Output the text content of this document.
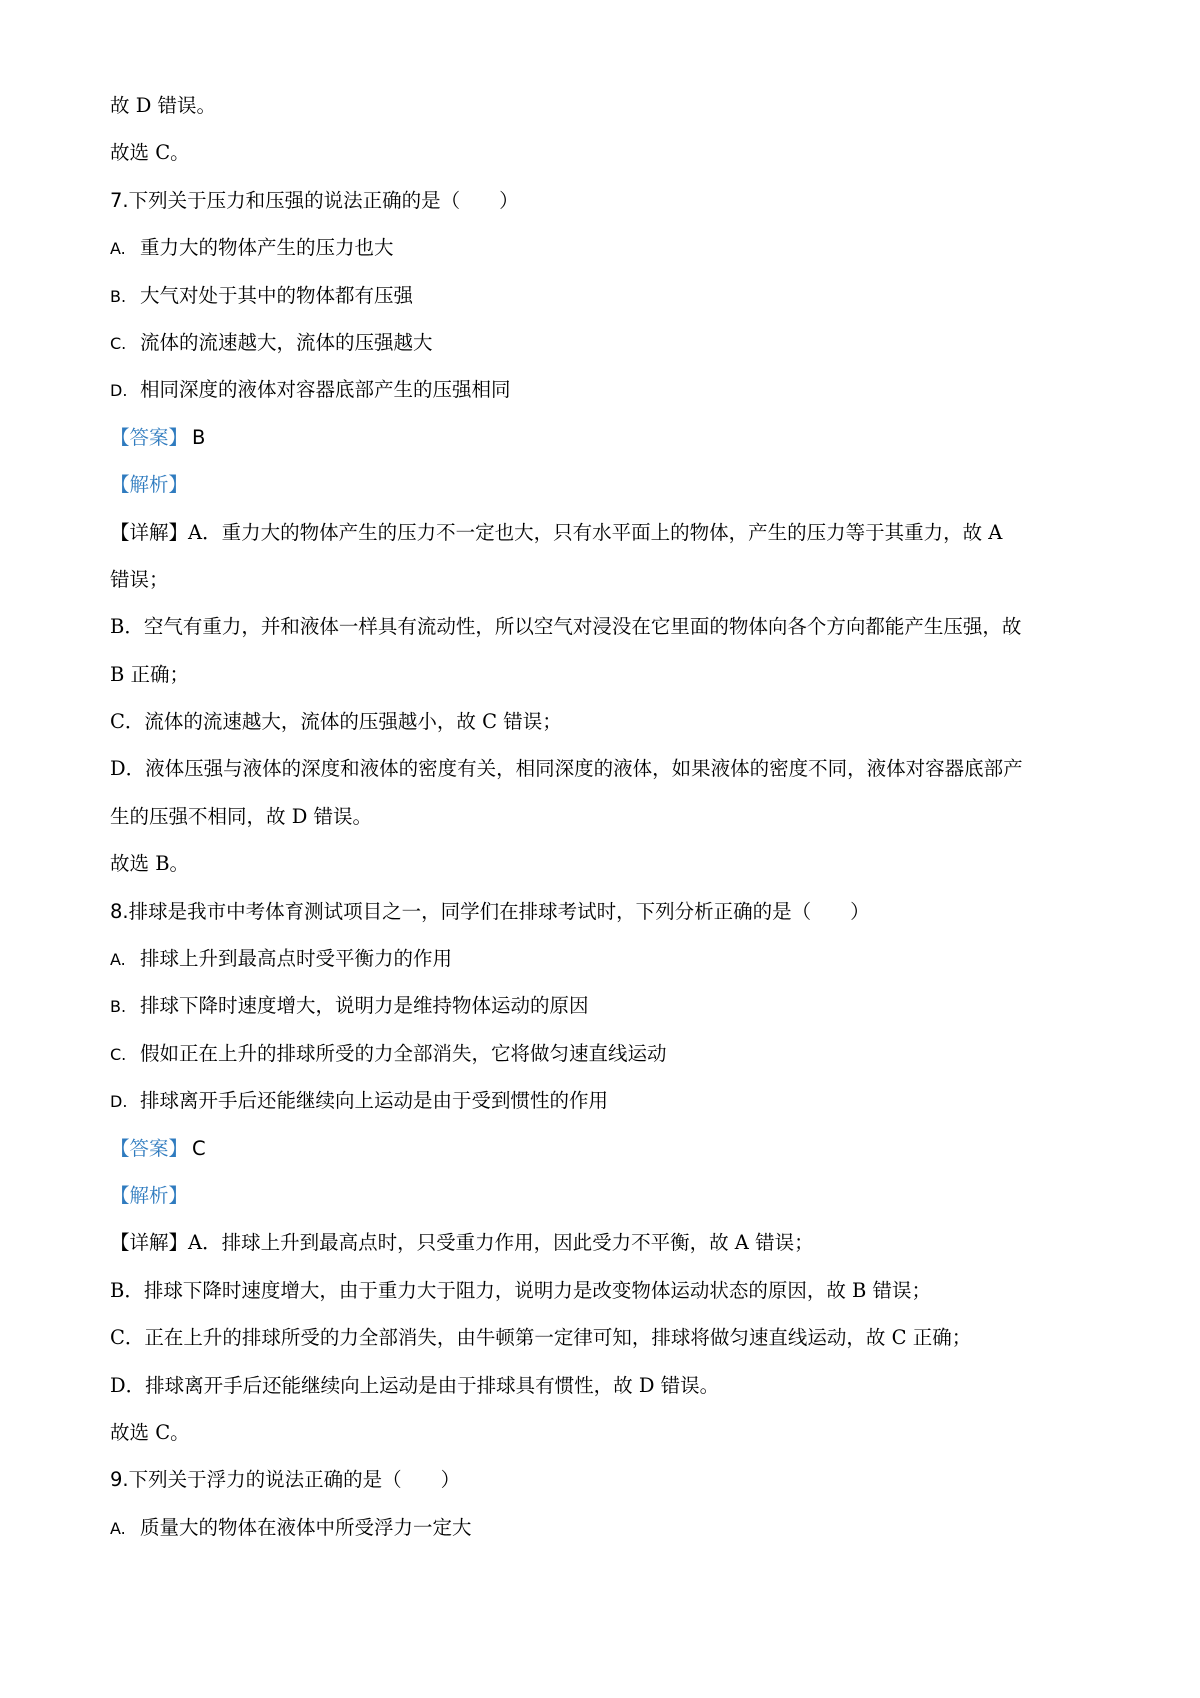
故 D 错误。
故选 C。
7.下列关于压力和压强的说法正确的是（　　）
A. 重力大的物体产生的压力也大
B. 大气对处于其中的物体都有压强
C. 流体的流速越大，流体的压强越大
D. 相同深度的液体对容器底部产生的压强相同
【答案】 B
【解析】
【详解】A．重力大的物体产生的压力不一定也大，只有水平面上的物体，产生的压力等于其重力，故 A
错误；
B．空气有重力，并和液体一样具有流动性，所以空气对浸没在它里面的物体向各个方向都能产生压强，故
B 正确；
C．流体的流速越大，流体的压强越小，故 C 错误；
D．液体压强与液体的深度和液体的密度有关，相同深度的液体，如果液体的密度不同，液体对容器底部产
生的压强不相同，故 D 错误。
故选 B。
8.排球是我市中考体育测试项目之一，同学们在排球考试时，下列分析正确的是（　　）
A. 排球上升到最高点时受平衡力的作用
B. 排球下降时速度增大，说明力是维持物体运动的原因
C. 假如正在上升的排球所受的力全部消失，它将做匀速直线运动
D. 排球离开手后还能继续向上运动是由于受到惯性的作用
【答案】 C
【解析】
【详解】A．排球上升到最高点时，只受重力作用，因此受力不平衡，故 A 错误；
B．排球下降时速度增大，由于重力大于阻力，说明力是改变物体运动状态的原因，故 B 错误；
C．正在上升的排球所受的力全部消失，由牛顿第一定律可知，排球将做匀速直线运动，故 C 正确；
D．排球离开手后还能继续向上运动是由于排球具有惯性，故 D 错误。
故选 C。
9.下列关于浮力的说法正确的是（　　）
A. 质量大的物体在液体中所受浮力一定大
